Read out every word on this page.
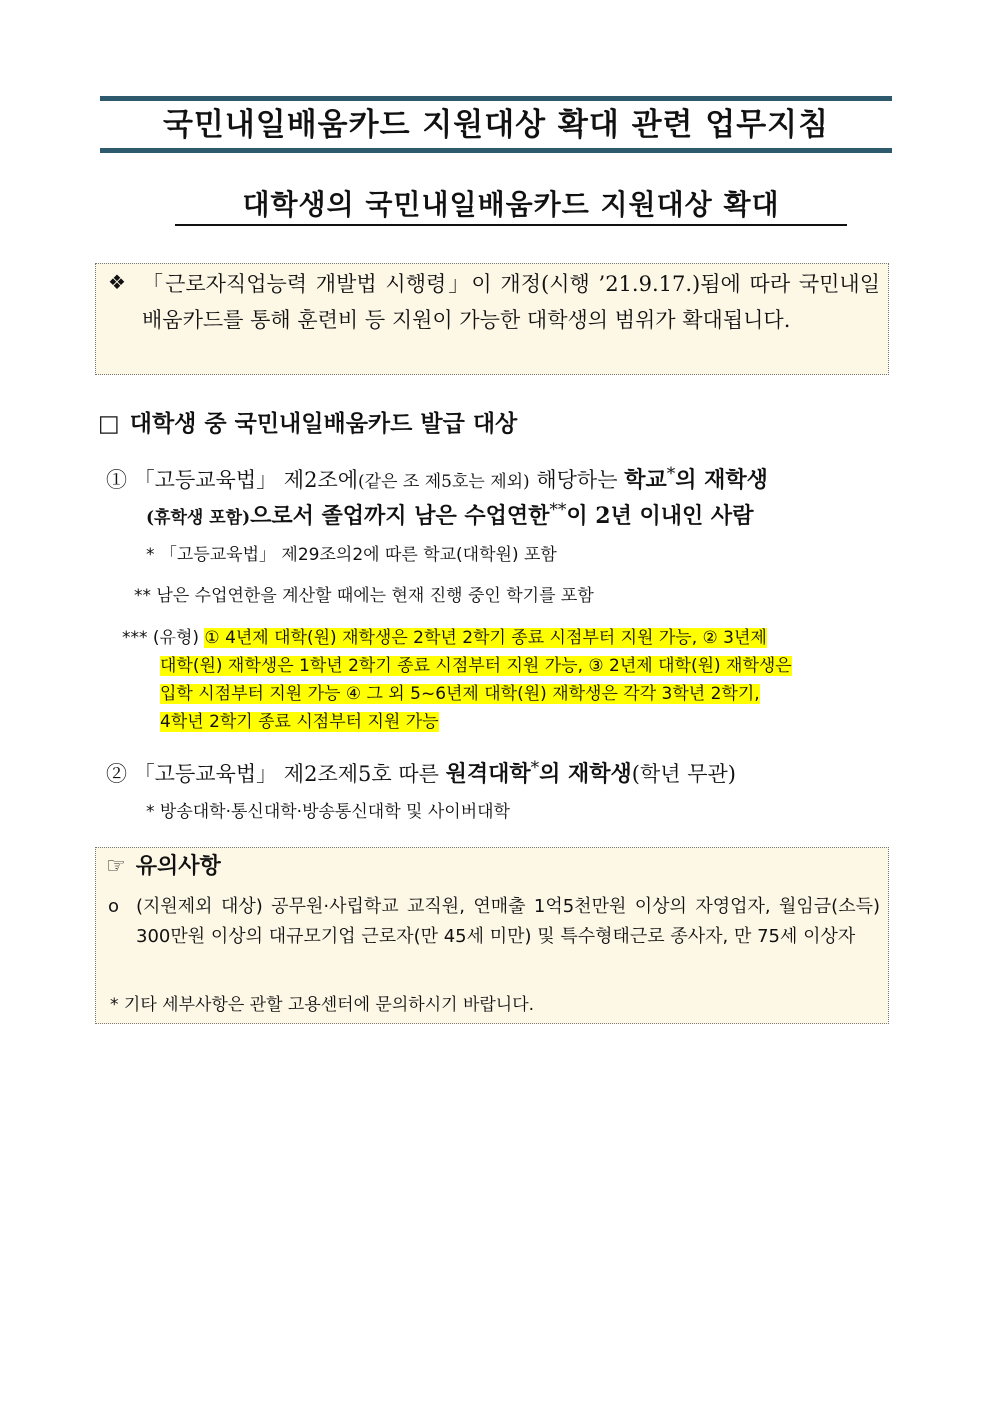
국민내일배움카드 지원대상 확대 관련 업무지침
대학생의 국민내일배움카드 지원대상 확대
❖ 「근로자직업능력 개발법 시행령」이 개정(시행 ’21.9.17.)됨에 따라 국민내일배움카드를 통해 훈련비 등 지원이 가능한 대학생의 범위가 확대됩니다.
□ 대학생 중 국민내일배움카드 발급 대상
① 「고등교육법」 제2조에(같은 조 제5호는 제외) 해당하는 학교*의 재학생
(휴학생 포함)으로서 졸업까지 남은 수업연한**이 2년 이내인 사람
* 「고등교육법」 제29조의2에 따른 학교(대학원) 포함
** 남은 수업연한을 계산할 때에는 현재 진행 중인 학기를 포함
*** (유형) ① 4년제 대학(원) 재학생은 2학년 2학기 종료 시점부터 지원 가능, ② 3년제
대학(원) 재학생은 1학년 2학기 종료 시점부터 지원 가능, ③ 2년제 대학(원) 재학생은
입학 시점부터 지원 가능 ④ 그 외 5~6년제 대학(원) 재학생은 각각 3학년 2학기,
4학년 2학기 종료 시점부터 지원 가능
② 「고등교육법」 제2조제5호 따른 원격대학*의 재학생(학년 무관)
* 방송대학·통신대학·방송통신대학 및 사이버대학
☞ 유의사항
ο (지원제외 대상) 공무원·사립학교 교직원, 연매출 1억5천만원 이상의 자영업자, 월임금(소득) 300만원 이상의 대규모기업 근로자(만 45세 미만) 및 특수형태근로 종사자, 만 75세 이상자
* 기타 세부사항은 관할 고용센터에 문의하시기 바랍니다.
